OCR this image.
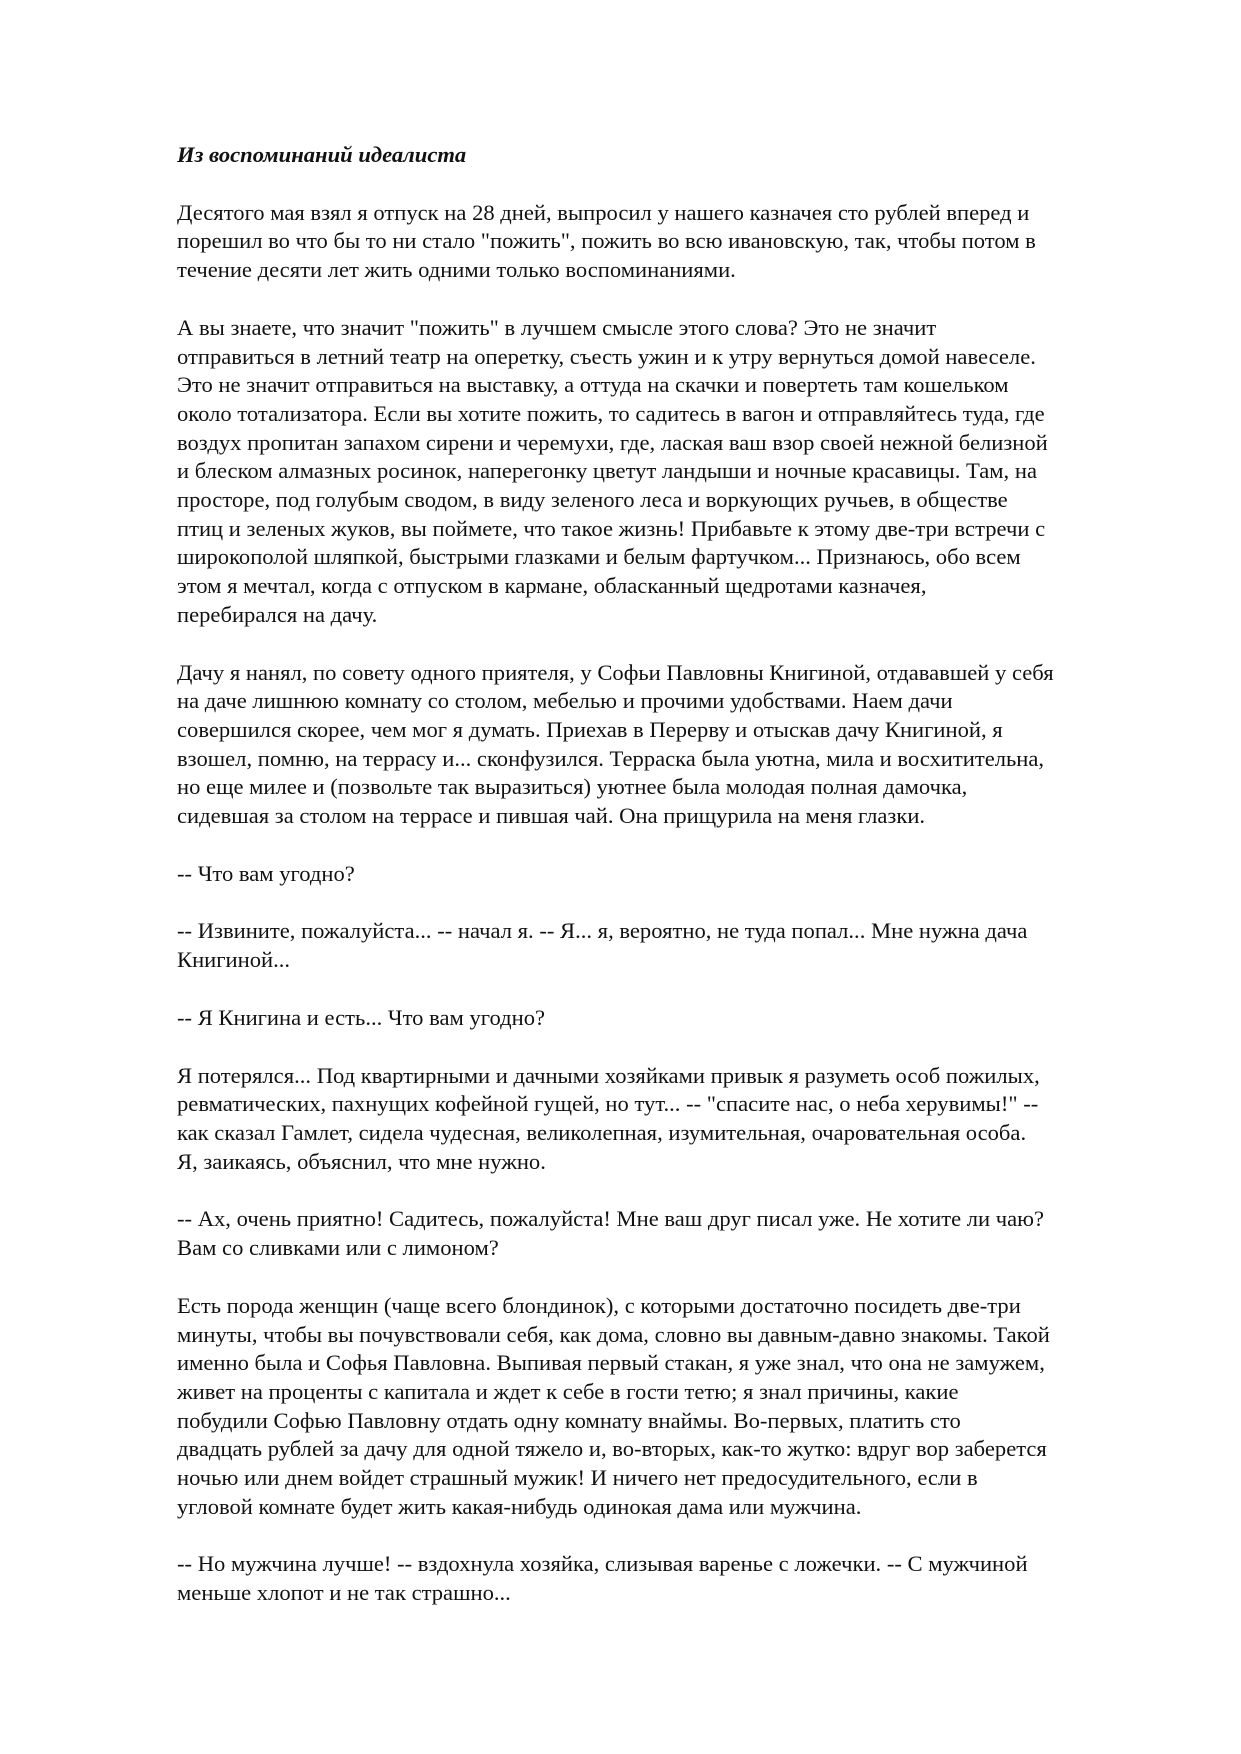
Из воспоминаний идеалиста
Десятого мая взял я отпуск на 28 дней, выпросил у нашего казначея сто рублей вперед и
порешил во что бы то ни стало "пожить", пожить во всю ивановскую, так, чтобы потом в
течение десяти лет жить одними только воспоминаниями.
А вы знаете, что значит "пожить" в лучшем смысле этого слова? Это не значит
отправиться в летний театр на оперетку, съесть ужин и к утру вернуться домой навеселе.
Это не значит отправиться на выставку, а оттуда на скачки и повертеть там кошельком
около тотализатора. Если вы хотите пожить, то садитесь в вагон и отправляйтесь туда, где
воздух пропитан запахом сирени и черемухи, где, лаская ваш взор своей нежной белизной
и блеском алмазных росинок, наперегонку цветут ландыши и ночные красавицы. Там, на
просторе, под голубым сводом, в виду зеленого леса и воркующих ручьев, в обществе
птиц и зеленых жуков, вы поймете, что такое жизнь! Прибавьте к этому две-три встречи с
широкополой шляпкой, быстрыми глазками и белым фартучком... Признаюсь, обо всем
этом я мечтал, когда с отпуском в кармане, обласканный щедротами казначея,
перебирался на дачу.
Дачу я нанял, по совету одного приятеля, у Софьи Павловны Книгиной, отдававшей у себя
на даче лишнюю комнату со столом, мебелью и прочими удобствами. Наем дачи
совершился скорее, чем мог я думать. Приехав в Перерву и отыскав дачу Книгиной, я
взошел, помню, на террасу и... сконфузился. Терраска была уютна, мила и восхитительна,
но еще милее и (позвольте так выразиться) уютнее была молодая полная дамочка,
сидевшая за столом на террасе и пившая чай. Она прищурила на меня глазки.
-- Что вам угодно?
-- Извините, пожалуйста... -- начал я. -- Я... я, вероятно, не туда попал... Мне нужна дача
Книгиной...
-- Я Книгина и есть... Что вам угодно?
Я потерялся... Под квартирными и дачными хозяйками привык я разуметь особ пожилых,
ревматических, пахнущих кофейной гущей, но тут... -- "спасите нас, о неба херувимы!" --
как сказал Гамлет, сидела чудесная, великолепная, изумительная, очаровательная особа.
Я, заикаясь, объяснил, что мне нужно.
-- Ах, очень приятно! Садитесь, пожалуйста! Мне ваш друг писал уже. Не хотите ли чаю?
Вам со сливками или с лимоном?
Есть порода женщин (чаще всего блондинок), с которыми достаточно посидеть две-три
минуты, чтобы вы почувствовали себя, как дома, словно вы давным-давно знакомы. Такой
именно была и Софья Павловна. Выпивая первый стакан, я уже знал, что она не замужем,
живет на проценты с капитала и ждет к себе в гости тетю; я знал причины, какие
побудили Софью Павловну отдать одну комнату внаймы. Во-первых, платить сто
двадцать рублей за дачу для одной тяжело и, во-вторых, как-то жутко: вдруг вор заберется
ночью или днем войдет страшный мужик! И ничего нет предосудительного, если в
угловой комнате будет жить какая-нибудь одинокая дама или мужчина.
-- Но мужчина лучше! -- вздохнула хозяйка, слизывая варенье с ложечки. -- С мужчиной
меньше хлопот и не так страшно...
